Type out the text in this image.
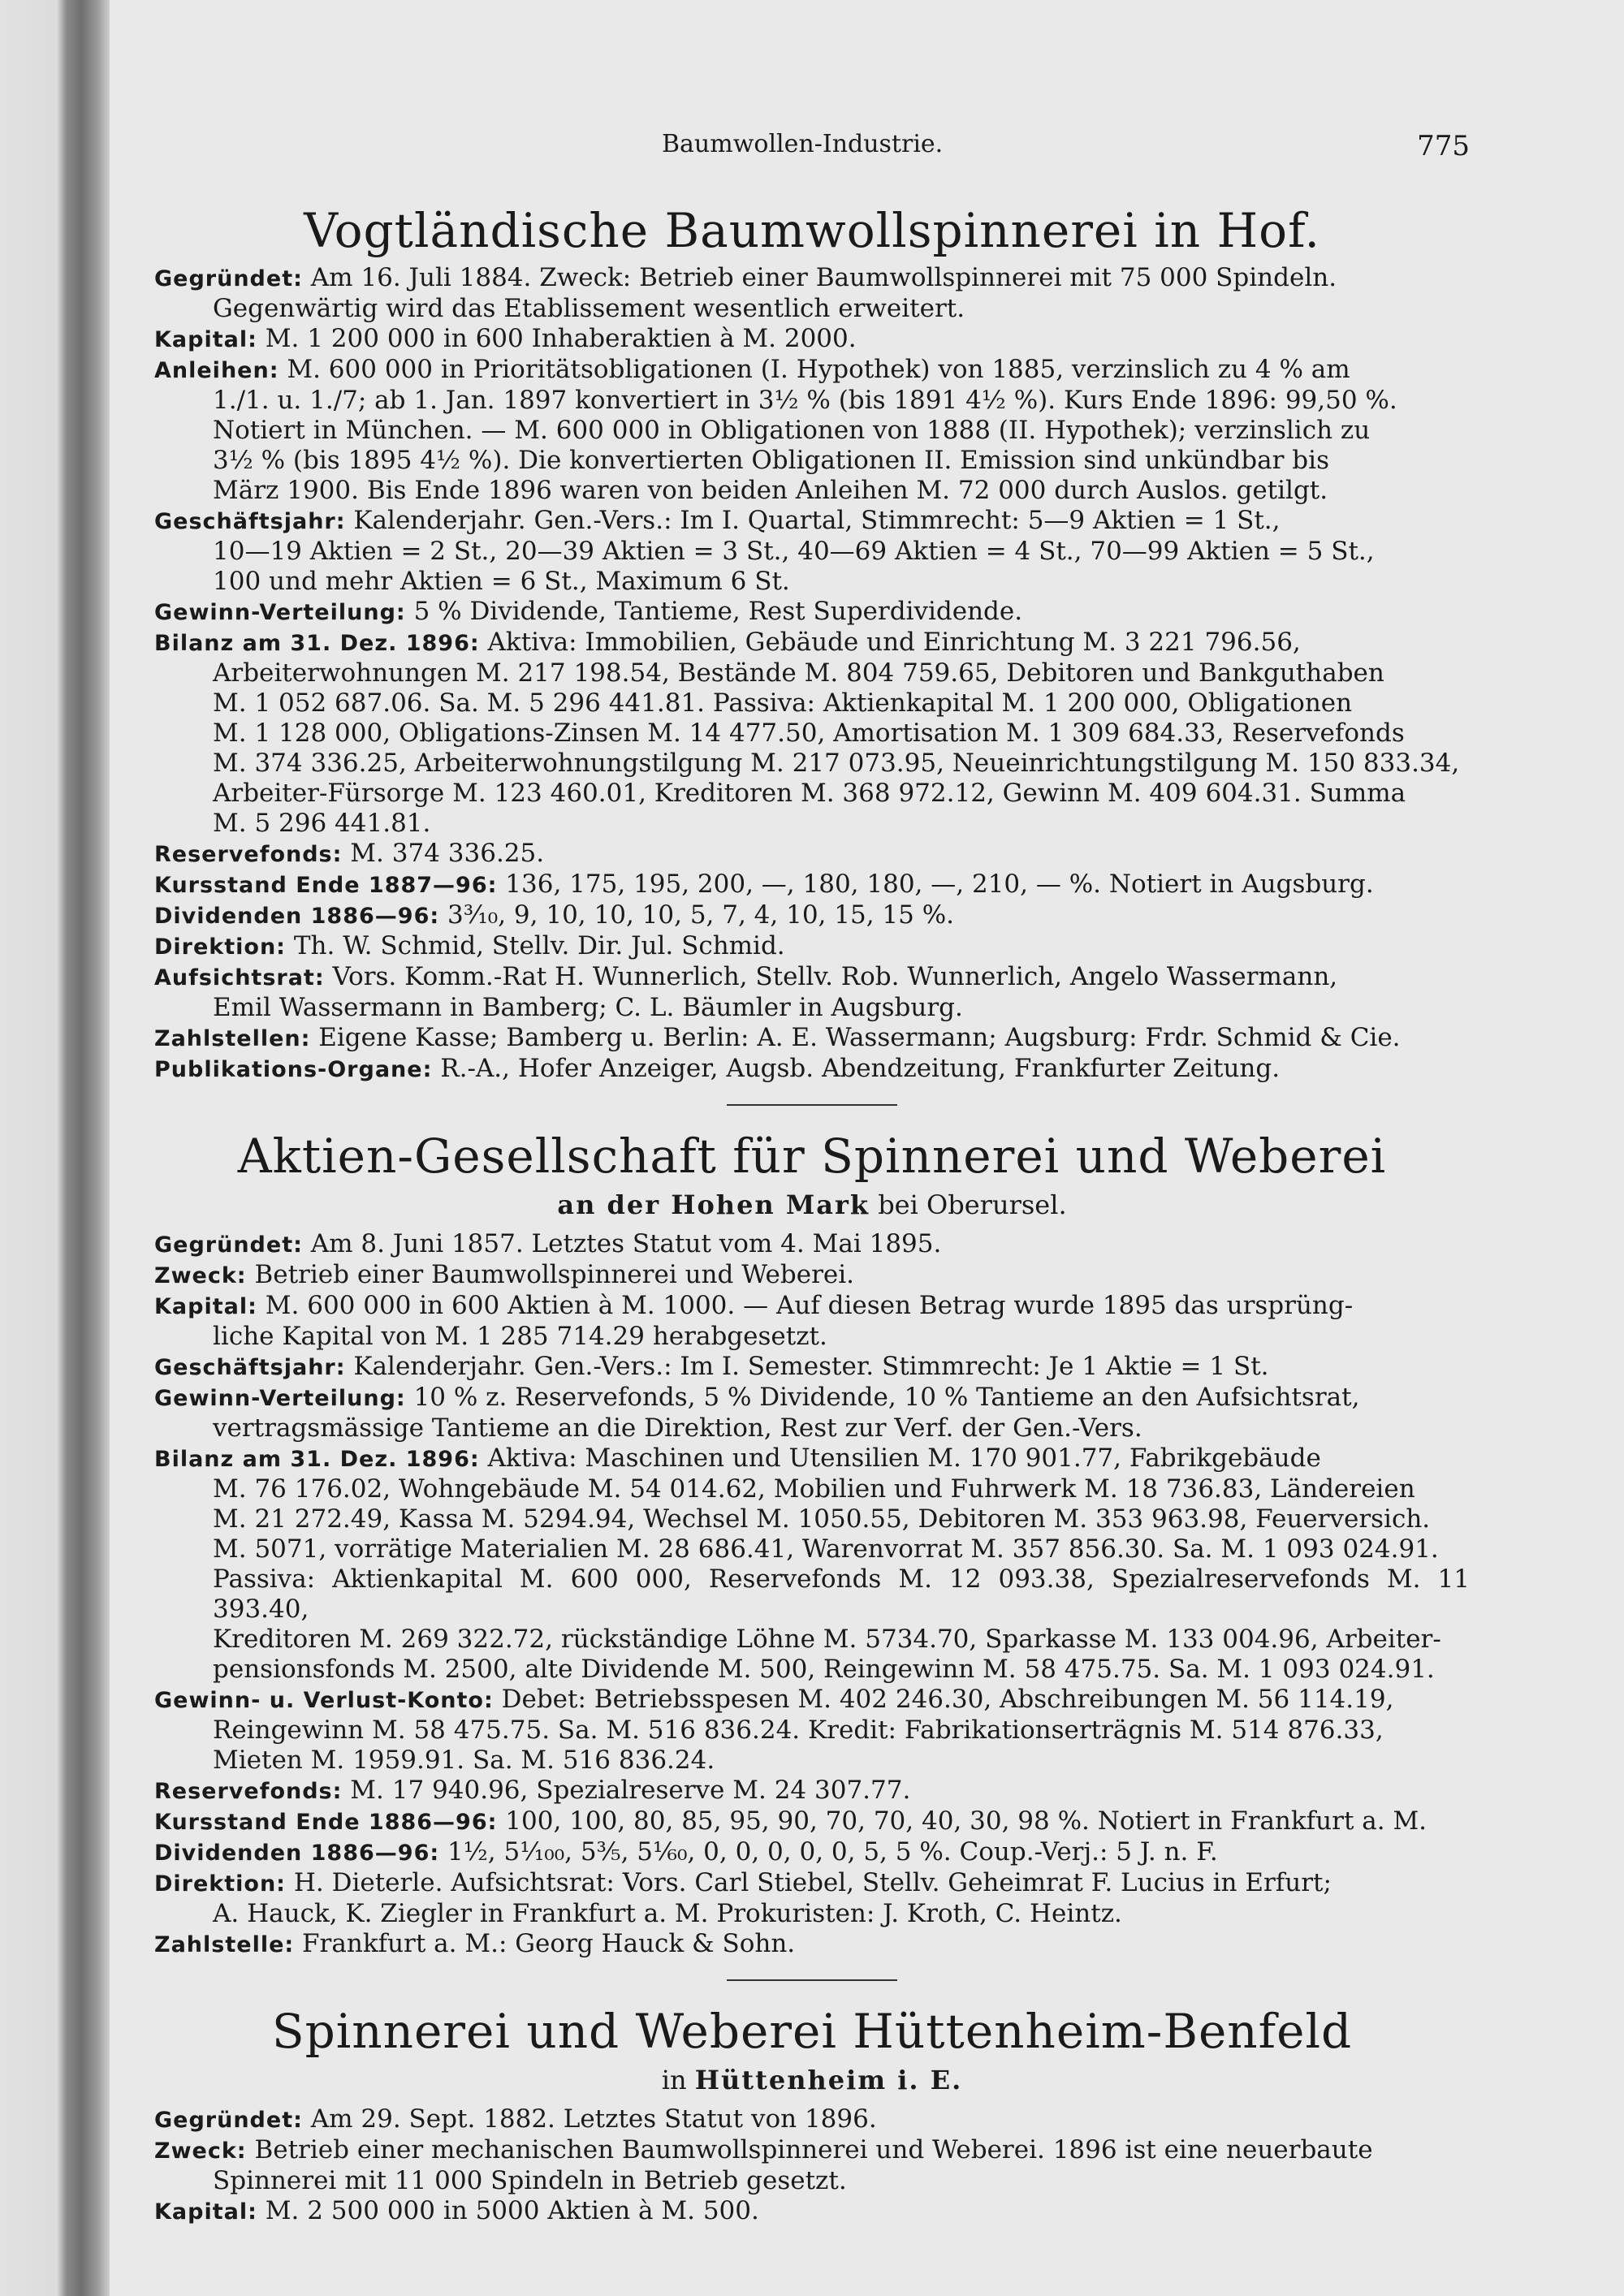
Baumwollen-Industrie.	775
Vogtländische Baumwollspinnerei in Hof.
Gegründet: Am 16. Juli 1884. Zweck: Betrieb einer Baumwollspinnerei mit 75 000 Spindeln.
Gegenwärtig wird das Etablissement wesentlich erweitert.
Kapital: M. 1 200 000 in 600 Inhaberaktien à M. 2000.
Anleihen: M. 600 000 in Prioritätsobligationen (I. Hypothek) von 1885, verzinslich zu 4 % am
1./1. u. 1./7; ab 1. Jan. 1897 konvertiert in 3½ % (bis 1891 4½ %). Kurs Ende 1896: 99,50 %.
Notiert in München. — M. 600 000 in Obligationen von 1888 (II. Hypothek); verzinslich zu
3½ % (bis 1895 4½ %). Die konvertierten Obligationen II. Emission sind unkündbar bis
März 1900. Bis Ende 1896 waren von beiden Anleihen M. 72 000 durch Auslos. getilgt.
Geschäftsjahr: Kalenderjahr. Gen.-Vers.: Im I. Quartal, Stimmrecht: 5—9 Aktien = 1 St.,
10—19 Aktien = 2 St., 20—39 Aktien = 3 St., 40—69 Aktien = 4 St., 70—99 Aktien = 5 St.,
100 und mehr Aktien = 6 St., Maximum 6 St.
Gewinn-Verteilung: 5 % Dividende, Tantieme, Rest Superdividende.
Bilanz am 31. Dez. 1896: Aktiva: Immobilien, Gebäude und Einrichtung M. 3 221 796.56,
Arbeiterwohnungen M. 217 198.54, Bestände M. 804 759.65, Debitoren und Bankguthaben
M. 1 052 687.06. Sa. M. 5 296 441.81. Passiva: Aktienkapital M. 1 200 000, Obligationen
M. 1 128 000, Obligations-Zinsen M. 14 477.50, Amortisation M. 1 309 684.33, Reservefonds
M. 374 336.25, Arbeiterwohnungstilgung M. 217 073.95, Neueinrichtungstilgung M. 150 833.34,
Arbeiter-Fürsorge M. 123 460.01, Kreditoren M. 368 972.12, Gewinn M. 409 604.31. Summa
M. 5 296 441.81.
Reservefonds: M. 374 336.25.
Kursstand Ende 1887—96: 136, 175, 195, 200, —, 180, 180, —, 210, — %. Notiert in Augsburg.
Dividenden 1886—96: 3³⁄₁₀, 9, 10, 10, 10, 5, 7, 4, 10, 15, 15 %.
Direktion: Th. W. Schmid, Stellv. Dir. Jul. Schmid.
Aufsichtsrat: Vors. Komm.-Rat H. Wunnerlich, Stellv. Rob. Wunnerlich, Angelo Wassermann,
Emil Wassermann in Bamberg; C. L. Bäumler in Augsburg.
Zahlstellen: Eigene Kasse; Bamberg u. Berlin: A. E. Wassermann; Augsburg: Frdr. Schmid & Cie.
Publikations-Organe: R.-A., Hofer Anzeiger, Augsb. Abendzeitung, Frankfurter Zeitung.
Aktien-Gesellschaft für Spinnerei und Weberei
an der Hohen Mark bei Oberursel.
Gegründet: Am 8. Juni 1857. Letztes Statut vom 4. Mai 1895.
Zweck: Betrieb einer Baumwollspinnerei und Weberei.
Kapital: M. 600 000 in 600 Aktien à M. 1000. — Auf diesen Betrag wurde 1895 das ursprüng-
liche Kapital von M. 1 285 714.29 herabgesetzt.
Geschäftsjahr: Kalenderjahr. Gen.-Vers.: Im I. Semester. Stimmrecht: Je 1 Aktie = 1 St.
Gewinn-Verteilung: 10 % z. Reservefonds, 5 % Dividende, 10 % Tantieme an den Aufsichtsrat,
vertragsmässige Tantieme an die Direktion, Rest zur Verf. der Gen.-Vers.
Bilanz am 31. Dez. 1896: Aktiva: Maschinen und Utensilien M. 170 901.77, Fabrikgebäude
M. 76 176.02, Wohngebäude M. 54 014.62, Mobilien und Fuhrwerk M. 18 736.83, Ländereien
M. 21 272.49, Kassa M. 5294.94, Wechsel M. 1050.55, Debitoren M. 353 963.98, Feuerversich.
M. 5071, vorrätige Materialien M. 28 686.41, Warenvorrat M. 357 856.30. Sa. M. 1 093 024.91.
Passiva: Aktienkapital M. 600 000, Reservefonds M. 12 093.38, Spezialreservefonds M. 11 393.40,
Kreditoren M. 269 322.72, rückständige Löhne M. 5734.70, Sparkasse M. 133 004.96, Arbeiter-
pensionsfonds M. 2500, alte Dividende M. 500, Reingewinn M. 58 475.75. Sa. M. 1 093 024.91.
Gewinn- u. Verlust-Konto: Debet: Betriebsspesen M. 402 246.30, Abschreibungen M. 56 114.19,
Reingewinn M. 58 475.75. Sa. M. 516 836.24. Kredit: Fabrikationserträgnis M. 514 876.33,
Mieten M. 1959.91. Sa. M. 516 836.24.
Reservefonds: M. 17 940.96, Spezialreserve M. 24 307.77.
Kursstand Ende 1886—96: 100, 100, 80, 85, 95, 90, 70, 70, 40, 30, 98 %. Notiert in Frankfurt a. M.
Dividenden 1886—96: 1½, 5¹⁄₁₀₀, 5³⁄₅, 5¹⁄₆₀, 0, 0, 0, 0, 0, 5, 5 %. Coup.-Verj.: 5 J. n. F.
Direktion: H. Dieterle. Aufsichtsrat: Vors. Carl Stiebel, Stellv. Geheimrat F. Lucius in Erfurt;
A. Hauck, K. Ziegler in Frankfurt a. M. Prokuristen: J. Kroth, C. Heintz.
Zahlstelle: Frankfurt a. M.: Georg Hauck & Sohn.
Spinnerei und Weberei Hüttenheim-Benfeld
in Hüttenheim i. E.
Gegründet: Am 29. Sept. 1882. Letztes Statut von 1896.
Zweck: Betrieb einer mechanischen Baumwollspinnerei und Weberei. 1896 ist eine neuerbaute
Spinnerei mit 11 000 Spindeln in Betrieb gesetzt.
Kapital: M. 2 500 000 in 5000 Aktien à M. 500.
